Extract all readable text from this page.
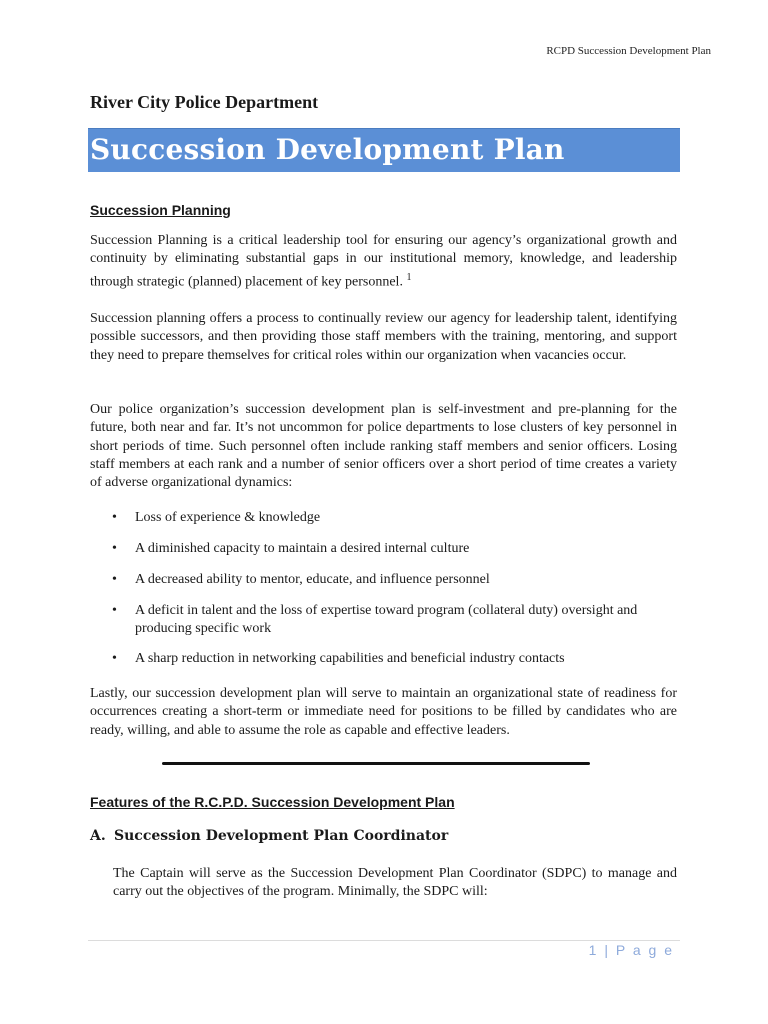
RCPD Succession Development Plan
River City Police Department
Succession Development Plan
Succession Planning
Succession Planning is a critical leadership tool for ensuring our agency’s organizational growth and continuity by eliminating substantial gaps in our institutional memory, knowledge, and leadership through strategic (planned) placement of key personnel. $^1$
Succession planning offers a process to continually review our agency for leadership talent, identifying possible successors, and then providing those staff members with the training, mentoring, and support they need to prepare themselves for critical roles within our organization when vacancies occur.
Our police organization’s succession development plan is self-investment and pre-planning for the future, both near and far. It’s not uncommon for police departments to lose clusters of key personnel in short periods of time. Such personnel often include ranking staff members and senior officers. Losing staff members at each rank and a number of senior officers over a short period of time creates a variety of adverse organizational dynamics:
• Loss of experience & knowledge
• A diminished capacity to maintain a desired internal culture
• A decreased ability to mentor, educate, and influence personnel
• A deficit in talent and the loss of expertise toward program (collateral duty) oversight and producing specific work
• A sharp reduction in networking capabilities and beneficial industry contacts
Lastly, our succession development plan will serve to maintain an organizational state of readiness for occurrences creating a short-term or immediate need for positions to be filled by candidates who are ready, willing, and able to assume the role as capable and effective leaders.
Features of the R.C.P.D. Succession Development Plan
A. Succession Development Plan Coordinator
The Captain will serve as the Succession Development Plan Coordinator (SDPC) to manage and carry out the objectives of the program. Minimally, the SDPC will:
1 | P a g e
